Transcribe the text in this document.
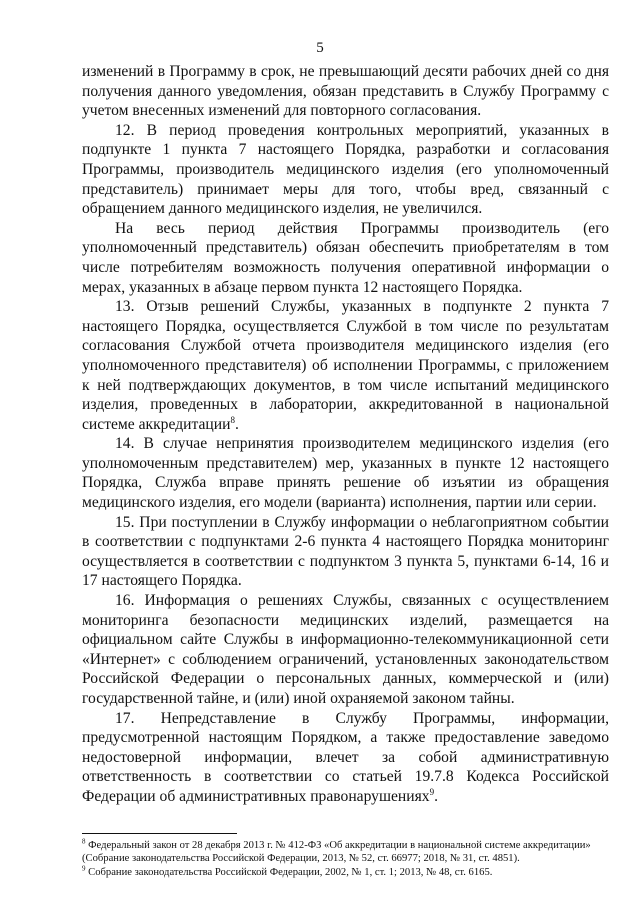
5

изменений в Программу в срок, не превышающий десяти рабочих дней со дня получения данного уведомления, обязан представить в Службу Программу с учетом внесенных изменений для повторного согласования.

12. В период проведения контрольных мероприятий, указанных в подпункте 1 пункта 7 настоящего Порядка, разработки и согласования Программы, производитель медицинского изделия (его уполномоченный представитель) принимает меры для того, чтобы вред, связанный с обращением данного медицинского изделия, не увеличился.

На весь период действия Программы производитель (его уполномоченный представитель) обязан обеспечить приобретателям в том числе потребителям возможность получения оперативной информации о мерах, указанных в абзаце первом пункта 12 настоящего Порядка.

13. Отзыв решений Службы, указанных в подпункте 2 пункта 7 настоящего Порядка, осуществляется Службой в том числе по результатам согласования Службой отчета производителя медицинского изделия (его уполномоченного представителя) об исполнении Программы, с приложением к ней подтверждающих документов, в том числе испытаний медицинского изделия, проведенных в лаборатории, аккредитованной в национальной системе аккредитации$^8$.

14. В случае непринятия производителем медицинского изделия (его уполномоченным представителем) мер, указанных в пункте 12 настоящего Порядка, Служба вправе принять решение об изъятии из обращения медицинского изделия, его модели (варианта) исполнения, партии или серии.

15. При поступлении в Службу информации о неблагоприятном событии в соответствии с подпунктами 2-6 пункта 4 настоящего Порядка мониторинг осуществляется в соответствии с подпунктом 3 пункта 5, пунктами 6-14, 16 и 17 настоящего Порядка.

16. Информация о решениях Службы, связанных с осуществлением мониторинга безопасности медицинских изделий, размещается на официальном сайте Службы в информационно-телекоммуникационной сети «Интернет» с соблюдением ограничений, установленных законодательством Российской Федерации о персональных данных, коммерческой и (или) государственной тайне, и (или) иной охраняемой законом тайны.

17. Непредставление в Службу Программы, информации, предусмотренной настоящим Порядком, а также предоставление заведомо недостоверной информации, влечет за собой административную ответственность в соответствии со статьей 19.7.8 Кодекса Российской Федерации об административных правонарушениях$^9$.

$^8$ Федеральный закон от 28 декабря 2013 г. № 412-ФЗ «Об аккредитации в национальной системе аккредитации» (Собрание законодательства Российской Федерации, 2013, № 52, ст. 66977; 2018, № 31, ст. 4851).

$^9$ Собрание законодательства Российской Федерации, 2002, № 1, ст. 1; 2013, № 48, ст. 6165.
